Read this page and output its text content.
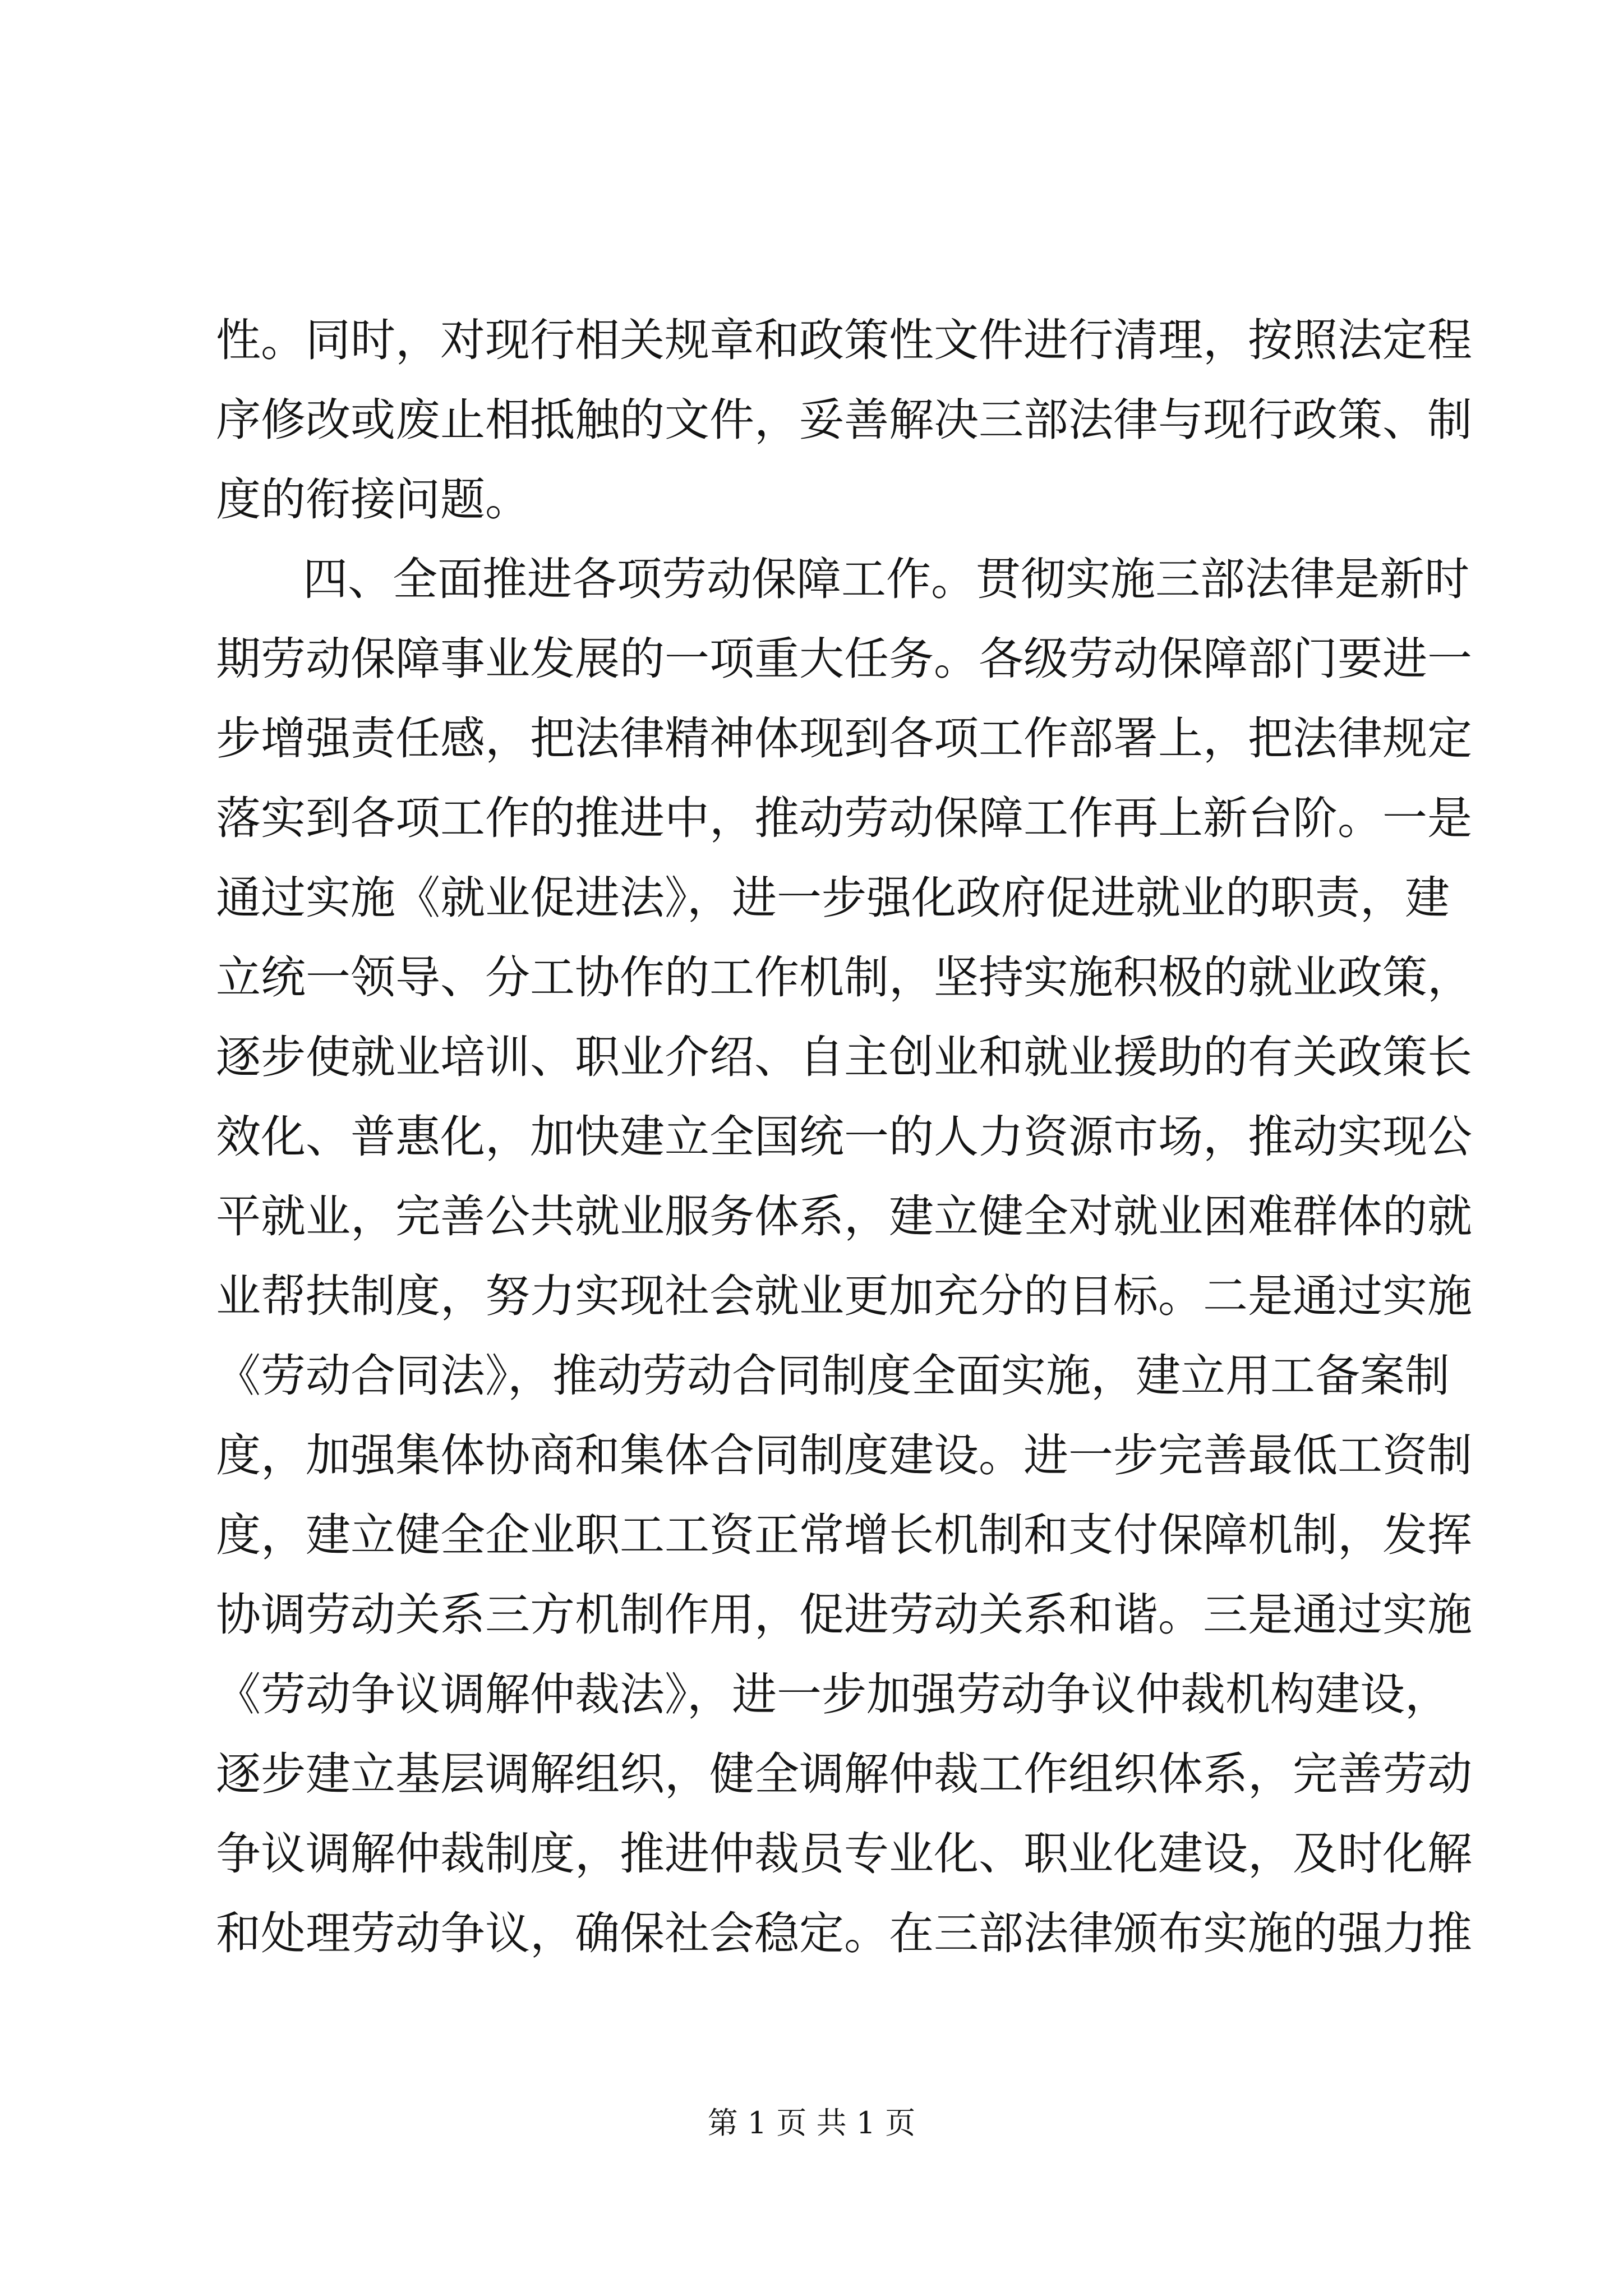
性。同时，对现行相关规章和政策性文件进行清理，按照法定程
序修改或废止相抵触的文件，妥善解决三部法律与现行政策、制
度的衔接问题。
四、全面推进各项劳动保障工作。贯彻实施三部法律是新时
期劳动保障事业发展的一项重大任务。各级劳动保障部门要进一
步增强责任感，把法律精神体现到各项工作部署上，把法律规定
落实到各项工作的推进中，推动劳动保障工作再上新台阶。一是
通过实施《就业促进法》，进一步强化政府促进就业的职责，建
立统一领导、分工协作的工作机制，坚持实施积极的就业政策，
逐步使就业培训、职业介绍、自主创业和就业援助的有关政策长
效化、普惠化，加快建立全国统一的人力资源市场，推动实现公
平就业，完善公共就业服务体系，建立健全对就业困难群体的就
业帮扶制度，努力实现社会就业更加充分的目标。二是通过实施
《劳动合同法》，推动劳动合同制度全面实施，建立用工备案制
度，加强集体协商和集体合同制度建设。进一步完善最低工资制
度，建立健全企业职工工资正常增长机制和支付保障机制，发挥
协调劳动关系三方机制作用，促进劳动关系和谐。三是通过实施
《劳动争议调解仲裁法》，进一步加强劳动争议仲裁机构建设，
逐步建立基层调解组织，健全调解仲裁工作组织体系，完善劳动
争议调解仲裁制度，推进仲裁员专业化、职业化建设，及时化解
和处理劳动争议，确保社会稳定。在三部法律颁布实施的强力推
第 1 页 共 1 页
